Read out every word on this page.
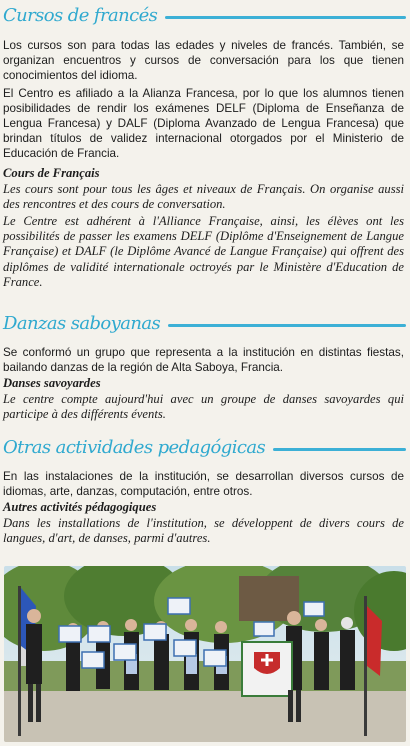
Cursos de francés

Los cursos son para todas las edades y niveles de francés. También, se organizan encuentros y cursos de conversación para los que tienen conocimientos del idioma.

El Centro es afiliado a la Alianza Francesa, por lo que los alumnos tienen posibilidades de rendir los exámenes DELF (Diploma de Enseñanza de Lengua Francesa) y DALF (Diploma Avanzado de Lengua Francesa) que brindan títulos de validez internacional otorgados por el Ministerio de Educación de Francia.

Cours de Français

Les cours sont pour tous les âges et niveaux de Français. On organise aussi des rencontres et des cours de conversation.

Le Centre est adhérent à l'Alliance Française, ainsi, les élèves ont les possibilités de passer les examens DELF (Diplôme d'Enseignement de Langue Française) et DALF (le Diplôme Avancé de Langue Française) qui offrent des diplômes de validité internationale octroyés par le Ministère d'Education de France.

Danzas saboyanas

Se conformó un grupo que representa a la institución en distintas fiestas, bailando danzas de la región de Alta Saboya, Francia.

Danses savoyardes

Le centre compte aujourd'hui avec un groupe de danses savoyardes qui participe à des différents évents.

Otras actividades pedagógicas

En las instalaciones de la institución, se desarrollan diversos cursos de idiomas, arte, danzas, computación, entre otros.

Autres activités pédagogiques

Dans les installations de l'institution, se développent de divers cours de langues, d'art, de danses, parmi d'autres.
